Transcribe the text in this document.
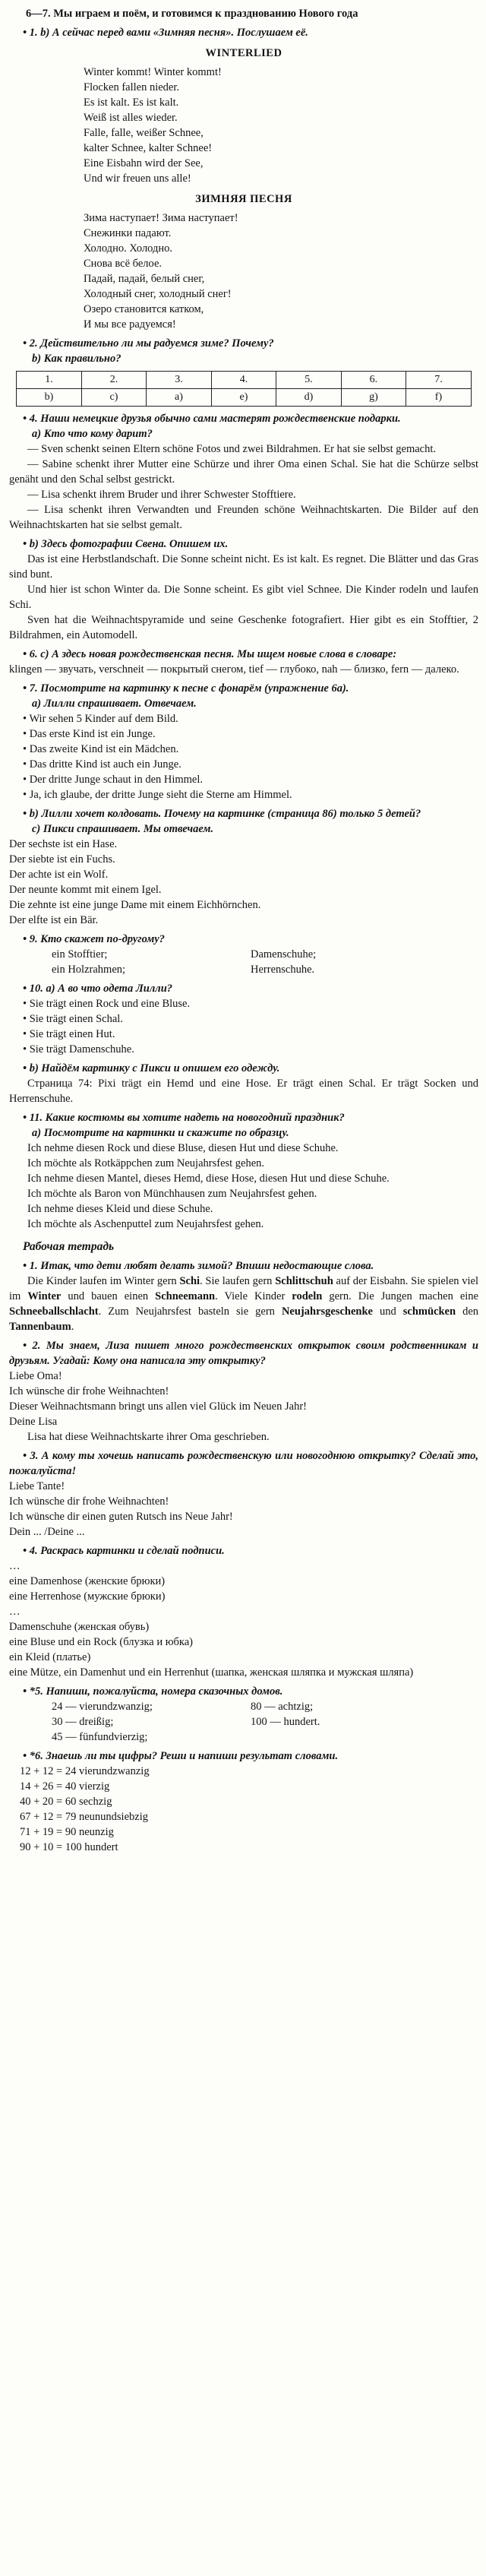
6—7. Мы играем и поём, и готовимся к празднованию Нового года
• 1. b) А сейчас перед вами «Зимняя песня». Послушаем её.
WINTERLIED
Winter kommt! Winter kommt!
Flocken fallen nieder.
Es ist kalt. Es ist kalt.
Weiß ist alles wieder.
Falle, falle, weißer Schnee,
kalter Schnee, kalter Schnee!
Eine Eisbahn wird der See,
Und wir freuen uns alle!
ЗИМНЯЯ ПЕСНЯ
Зима наступает! Зима наступает!
Снежинки падают.
Холодно. Холодно.
Снова всё белое.
Падай, падай, белый снег,
Холодный снег, холодный снег!
Озеро становится катком,
И мы все радуемся!
• 2. Действительно ли мы радуемся зиме? Почему?
b) Как правильно?
1.	2.	3.	4.	5.	6.	7.
b)	c)	a)	e)	d)	g)	f)
• 4. Наши немецкие друзья обычно сами мастерят рождественские подарки.
a) Кто что кому дарит?
— Sven schenkt seinen Eltern schöne Fotos und zwei Bildrahmen. Er hat sie selbst gemacht.
— Sabine schenkt ihrer Mutter eine Schürze und ihrer Oma einen Schal. Sie hat die Schürze selbst genäht und den Schal selbst gestrickt.
— Lisa schenkt ihrem Bruder und ihrer Schwester Stofftiere.
— Lisa schenkt ihren Verwandten und Freunden schöne Weihnachtskarten. Die Bilder auf den Weihnachtskarten hat sie selbst gemalt.
• b) Здесь фотографии Свена. Опишем их.
Das ist eine Herbstlandschaft. Die Sonne scheint nicht. Es ist kalt. Es regnet. Die Blätter und das Gras sind bunt.
Und hier ist schon Winter da. Die Sonne scheint. Es gibt viel Schnee. Die Kinder rodeln und laufen Schi.
Sven hat die Weihnachtspyramide und seine Geschenke fotografiert. Hier gibt es ein Stofftier, 2 Bildrahmen, ein Automodell.
• 6. c) А здесь новая рождественская песня. Мы ищем новые слова в словаре:
klingen — звучать, verschneit — покрытый снегом, tief — глубоко, nah — близко, fern — далеко.
• 7. Посмотрите на картинку к песне с фонарём (упражнение 6а).
a) Лилли спрашивает. Отвечаем.
• Wir sehen 5 Kinder auf dem Bild.
• Das erste Kind ist ein Junge.
• Das zweite Kind ist ein Mädchen.
• Das dritte Kind ist auch ein Junge.
• Der dritte Junge schaut in den Himmel.
• Ja, ich glaube, der dritte Junge sieht die Sterne am Himmel.
• b) Лилли хочет колдовать. Почему на картинке (страница 86) только 5 детей?
c) Пикси спрашивает. Мы отвечаем.
Der sechste ist ein Hase.
Der siebte ist ein Fuchs.
Der achte ist ein Wolf.
Der neunte kommt mit einem Igel.
Die zehnte ist eine junge Dame mit einem Eichhörnchen.
Der elfte ist ein Bär.
• 9. Кто скажет по-другому?
ein Stofftier;	Damenschuhe;
ein Holzrahmen;	Herrenschuhe.
• 10. a) А во что одета Лилли?
• Sie trägt einen Rock und eine Bluse.
• Sie trägt einen Schal.
• Sie trägt einen Hut.
• Sie trägt Damenschuhe.
• b) Найдём картинку с Пикси и опишем его одежду.
Страница 74: Pixi trägt ein Hemd und eine Hose. Er trägt einen Schal. Er trägt Socken und Herrenschuhe.
• 11. Какие костюмы вы хотите надеть на новогодний праздник?
a) Посмотрите на картинки и скажите по образцу.
Ich nehme diesen Rock und diese Bluse, diesen Hut und diese Schuhe.
Ich möchte als Rotkäppchen zum Neujahrsfest gehen.
Ich nehme diesen Mantel, dieses Hemd, diese Hose, diesen Hut und diese Schuhe.
Ich möchte als Baron von Münchhausen zum Neujahrsfest gehen.
Ich nehme dieses Kleid und diese Schuhe.
Ich möchte als Aschenputtel zum Neujahrsfest gehen.
Рабочая тетрадь
• 1. Итак, что дети любят делать зимой? Впиши недостающие слова.
Die Kinder laufen im Winter gern Schi. Sie laufen gern Schlittschuh auf der Eisbahn. Sie spielen viel im Winter und bauen einen Schneemann. Viele Kinder rodeln gern. Die Jungen machen eine Schneeballschlacht. Zum Neujahrsfest basteln sie gern Neujahrsgeschenke und schmücken den Tannenbaum.
• 2. Мы знаем, Лиза пишет много рождественских открыток своим родственникам и друзьям. Угадай: Кому она написала эту открытку?
Liebe Oma!
Ich wünsche dir frohe Weihnachten!
Dieser Weihnachtsmann bringt uns allen viel Glück im Neuen Jahr!
Deine Lisa
Lisa hat diese Weihnachtskarte ihrer Oma geschrieben.
• 3. А кому ты хочешь написать рождественскую или новогоднюю открытку? Сделай это, пожалуйста!
Liebe Tante!
Ich wünsche dir frohe Weihnachten!
Ich wünsche dir einen guten Rutsch ins Neue Jahr!
Dein ... /Deine ...
• 4. Раскрась картинки и сделай подписи.
…
eine Damenhose (женские брюки)
eine Herrenhose (мужские брюки)
…
Damenschuhe (женская обувь)
eine Bluse und ein Rock (блузка и юбка)
ein Kleid (платье)
eine Mütze, ein Damenhut und ein Herrenhut (шапка, женская шляпка и мужская шляпа)
• *5. Напиши, пожалуйста, номера сказочных домов.
24 — vierundzwanzig;	80 — achtzig;
30 — dreißig;	100 — hundert.
45 — fünfundvierzig;
• *6. Знаешь ли ты цифры? Реши и напиши результат словами.
12 + 12 = 24 vierundzwanzig
14 + 26 = 40 vierzig
40 + 20 = 60 sechzig
67 + 12 = 79 neunundsiebzig
71 + 19 = 90 neunzig
90 + 10 = 100 hundert
